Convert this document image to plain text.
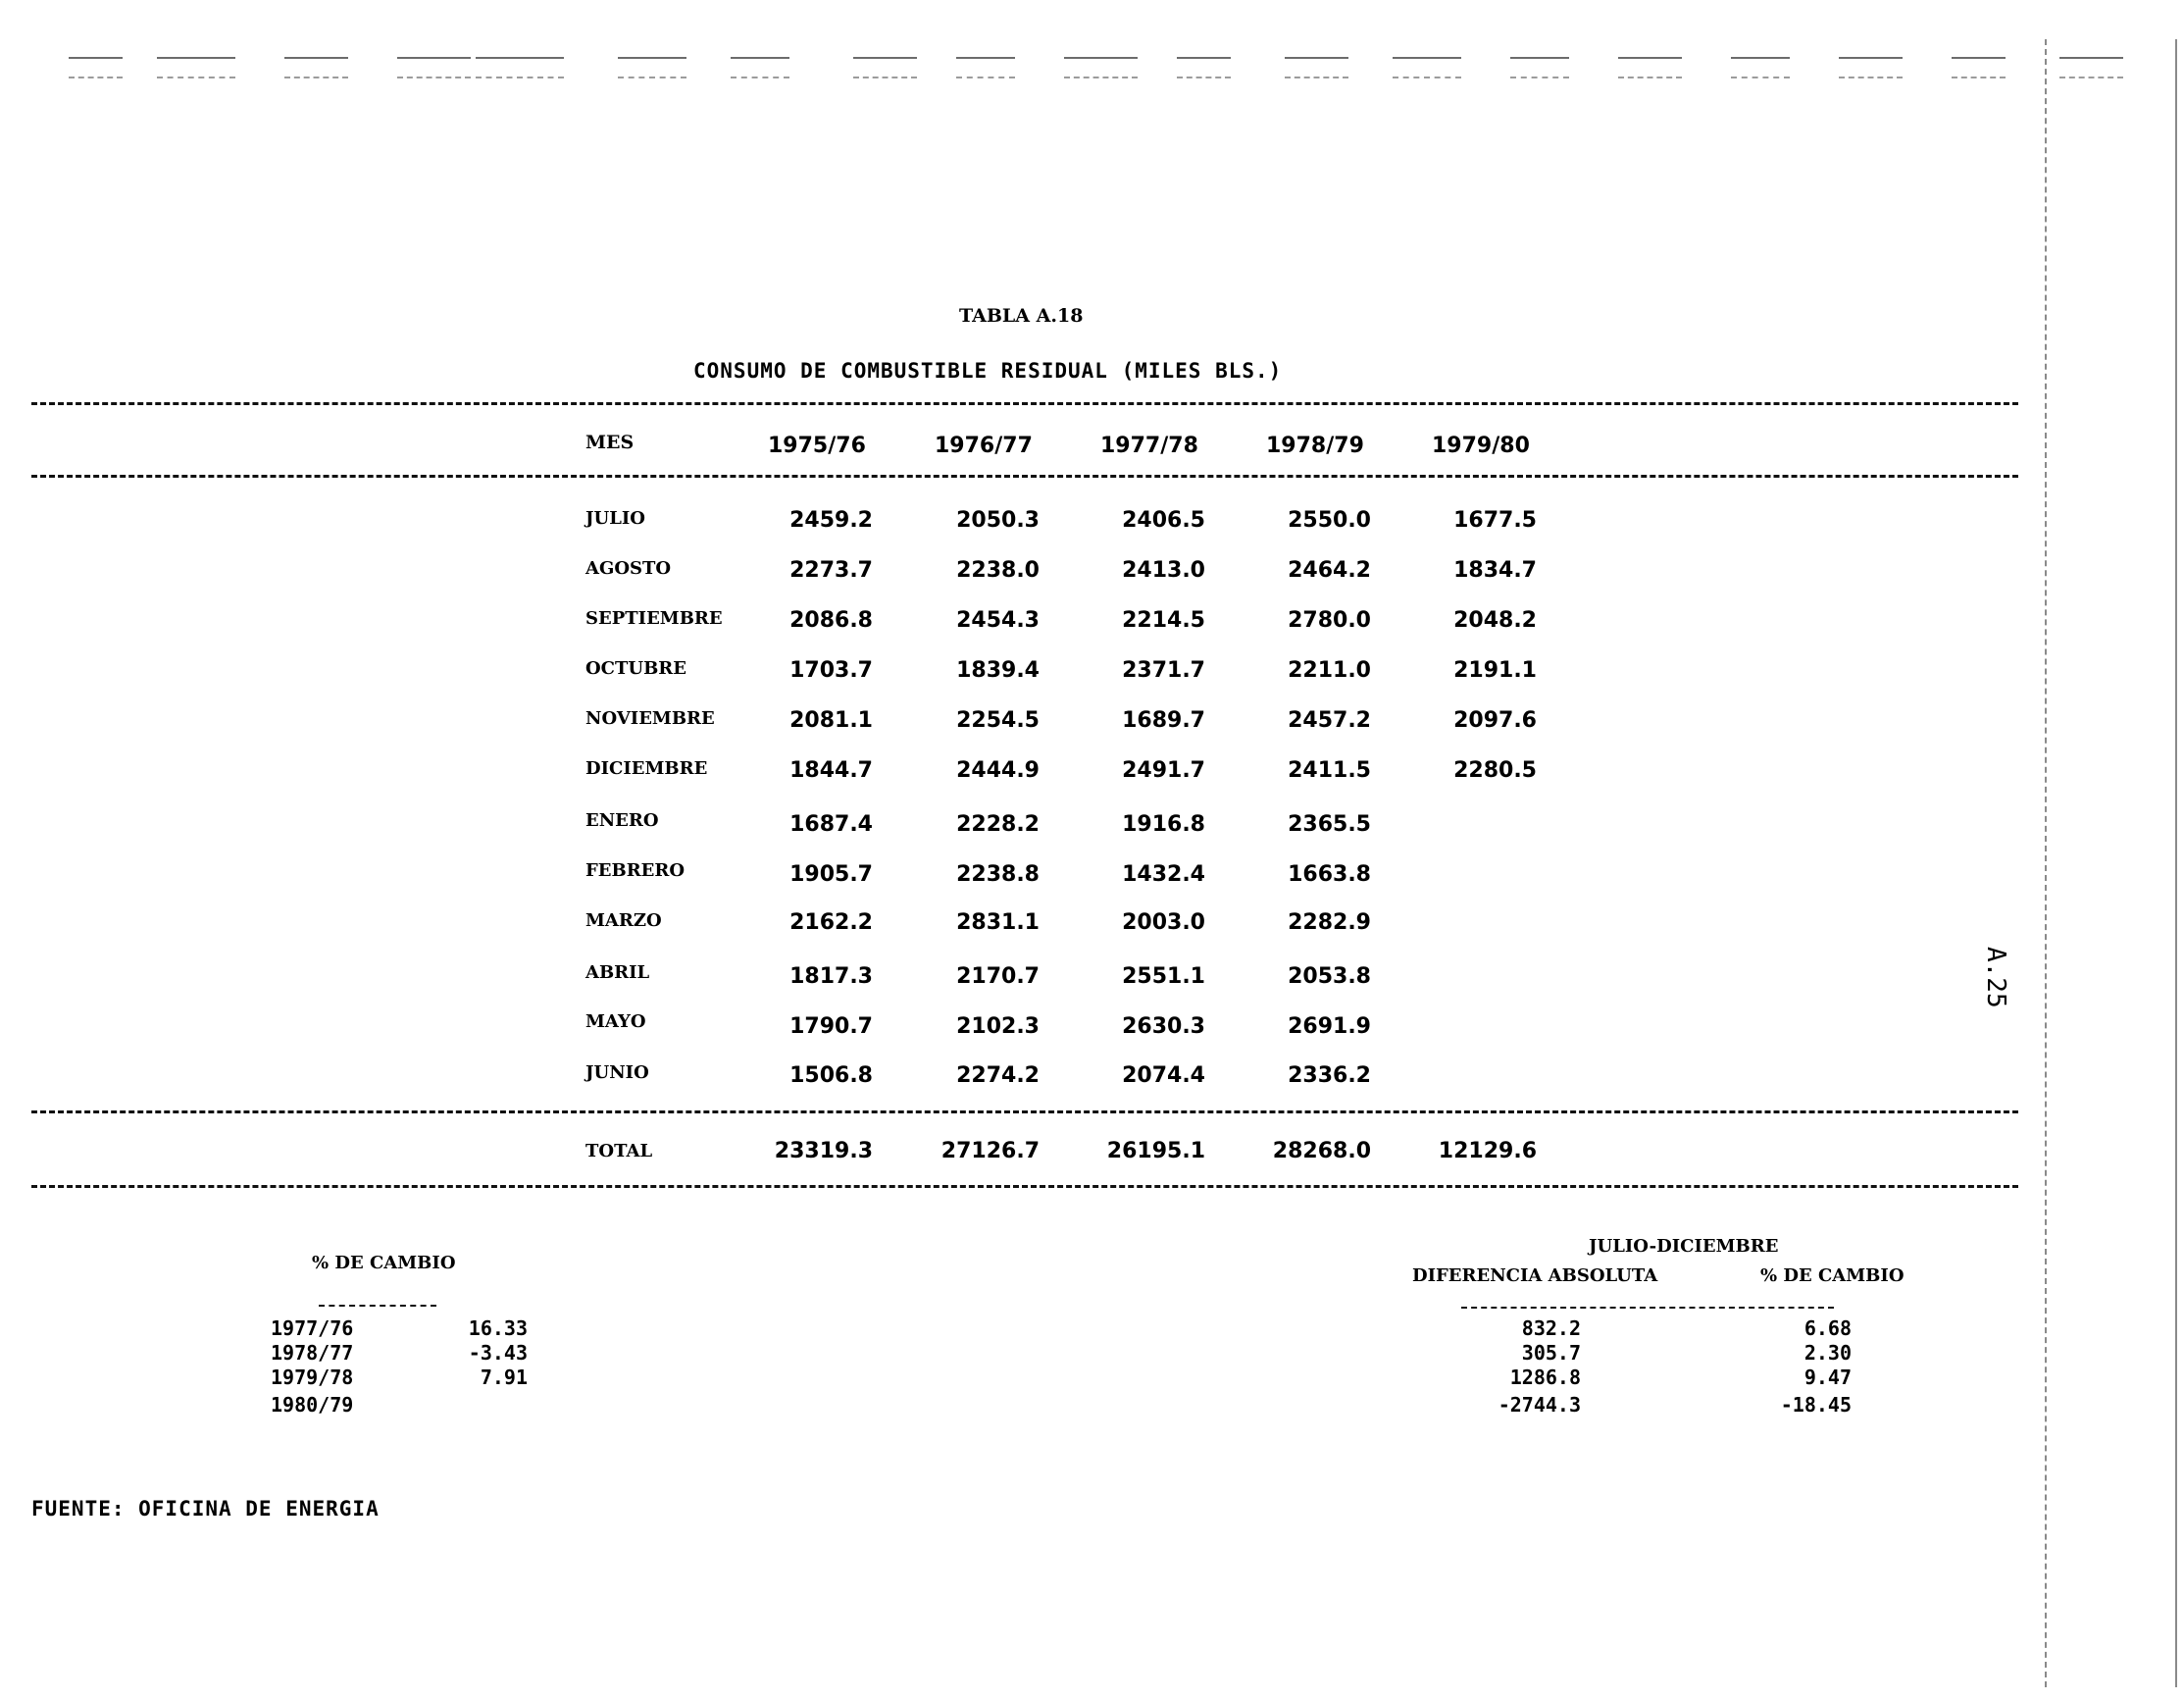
A.25
TABLA A.18
CONSUMO DE COMBUSTIBLE RESIDUAL (MILES BLS.)
MES	1975/76	1976/77	1977/78	1978/79	1979/80
JULIO	2459.2	2050.3	2406.5	2550.0	1677.5
AGOSTO	2273.7	2238.0	2413.0	2464.2	1834.7
SEPTIEMBRE	2086.8	2454.3	2214.5	2780.0	2048.2
OCTUBRE	1703.7	1839.4	2371.7	2211.0	2191.1
NOVIEMBRE	2081.1	2254.5	1689.7	2457.2	2097.6
DICIEMBRE	1844.7	2444.9	2491.7	2411.5	2280.5
ENERO	1687.4	2228.2	1916.8	2365.5
FEBRERO	1905.7	2238.8	1432.4	1663.8
MARZO	2162.2	2831.1	2003.0	2282.9
ABRIL	1817.3	2170.7	2551.1	2053.8
MAYO	1790.7	2102.3	2630.3	2691.9
JUNIO	1506.8	2274.2	2074.4	2336.2
TOTAL	23319.3	27126.7	26195.1	28268.0	12129.6
% DE CAMBIO
1977/76	16.33
1978/77	-3.43
1979/78	7.91
1980/79
JULIO-DICIEMBRE
DIFERENCIA ABSOLUTA	% DE CAMBIO
832.2	6.68
305.7	2.30
1286.8	9.47
-2744.3	-18.45
FUENTE: OFICINA DE ENERGIA
